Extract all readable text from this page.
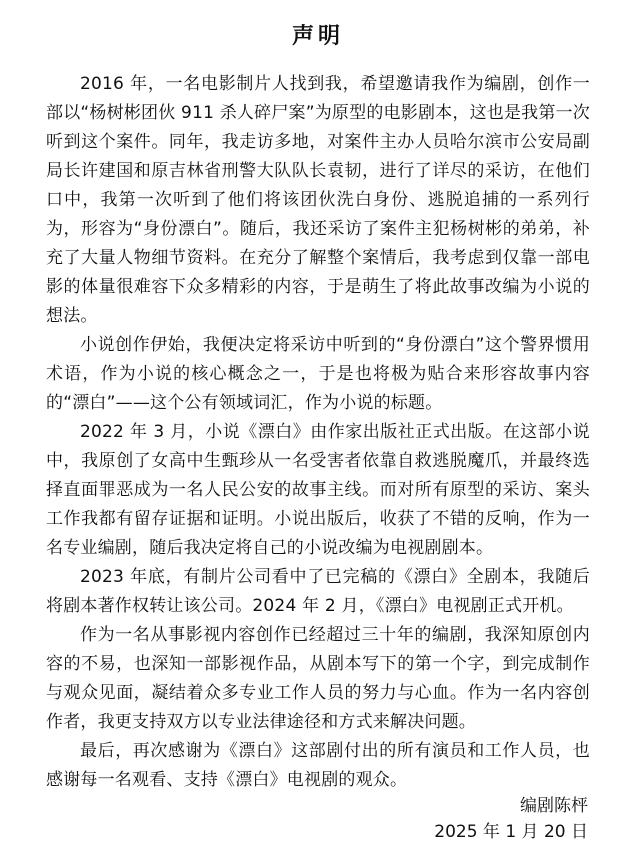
声明

2016 年，一名电影制片人找到我，希望邀请我作为编剧，创作一部以“杨树彬团伙 911 杀人碎尸案”为原型的电影剧本，这也是我第一次听到这个案件。同年，我走访多地，对案件主办人员哈尔滨市公安局副局长许建国和原吉林省刑警大队队长袁韧，进行了详尽的采访，在他们口中，我第一次听到了他们将该团伙洗白身份、逃脱追捕的一系列行为，形容为“身份漂白”。随后，我还采访了案件主犯杨树彬的弟弟，补充了大量人物细节资料。在充分了解整个案情后，我考虑到仅靠一部电影的体量很难容下众多精彩的内容，于是萌生了将此故事改编为小说的想法。

小说创作伊始，我便决定将采访中听到的“身份漂白”这个警界惯用术语，作为小说的核心概念之一，于是也将极为贴合来形容故事内容的“漂白”——这个公有领域词汇，作为小说的标题。

2022 年 3 月，小说《漂白》由作家出版社正式出版。在这部小说中，我原创了女高中生甄珍从一名受害者依靠自救逃脱魔爪，并最终选择直面罪恶成为一名人民公安的故事主线。而对所有原型的采访、案头工作我都有留存证据和证明。小说出版后，收获了不错的反响，作为一名专业编剧，随后我决定将自己的小说改编为电视剧剧本。

2023 年底，有制片公司看中了已完稿的《漂白》全剧本，我随后将剧本著作权转让该公司。2024 年 2 月，《漂白》电视剧正式开机。

作为一名从事影视内容创作已经超过三十年的编剧，我深知原创内容的不易，也深知一部影视作品，从剧本写下的第一个字，到完成制作与观众见面，凝结着众多专业工作人员的努力与心血。作为一名内容创作者，我更支持双方以专业法律途径和方式来解决问题。

最后，再次感谢为《漂白》这部剧付出的所有演员和工作人员，也感谢每一名观看、支持《漂白》电视剧的观众。

编剧陈枰
2025 年 1 月 20 日
